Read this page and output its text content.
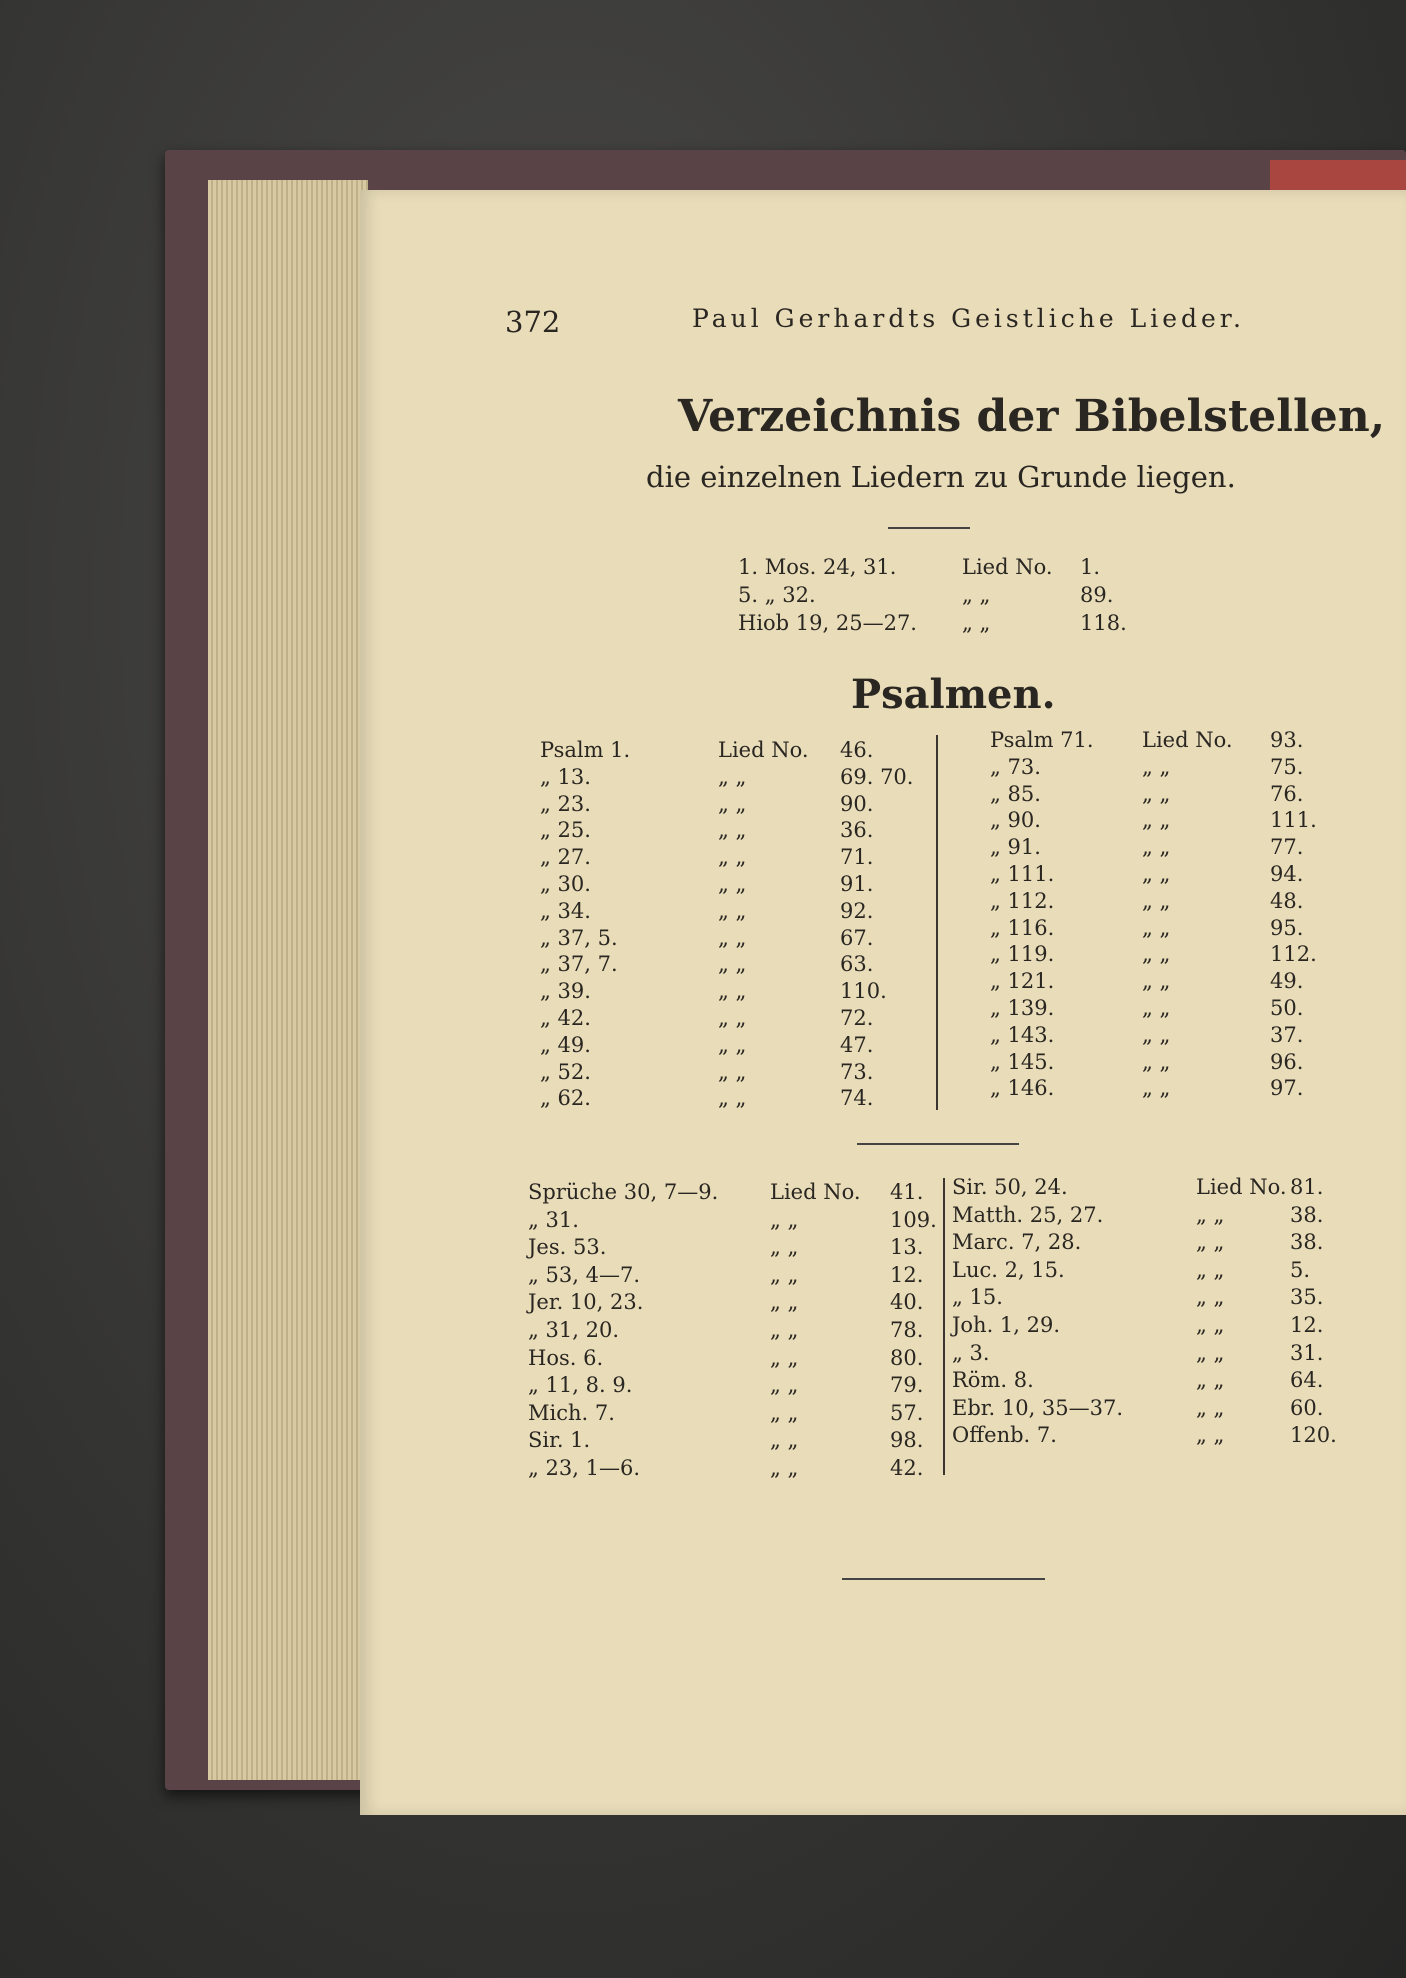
372	Paul Gerhardts Geistliche Lieder.
Verzeichnis der Bibelstellen,
die einzelnen Liedern zu Grunde liegen.
1. Mos. 24, 31.	Lied No. 1.
5. „ 32.	„ „	89.
Hiob 19, 25—27. „ „	118.
Psalmen.
Psalm 1.	Lied No. 46.
„ 13.	„ „	69. 70.
„ 23.	„ „	90.
„ 25.	„ „	36.
„ 27.	„ „	71.
„ 30.	„ „	91.
„ 34.	„ „	92.
„ 37, 5.	„ „	67.
„ 37, 7.	„ „	63.
„ 39.	„ „	110.
„ 42.	„ „	72.
„ 49.	„ „	47.
„ 52.	„ „	73.
„ 62.	„ „	74.
Psalm 71. Lied No. 93.
„ 73.	„ „	75.
„ 85.	„ „	76.
„ 90.	„ „	111.
„ 91.	„ „	77.
„ 111.	„ „	94.
„ 112.	„ „	48.
„ 116.	„ „	95.
„ 119.	„ „	112.
„ 121.	„ „	49.
„ 139.	„ „	50.
„ 143.	„ „	37.
„ 145.	„ „	96.
„ 146.	„ „	97.
Sprüche 30, 7—9. Lied No. 41.
„ 31.	„ „	109.
Jes. 53.	„ „	13.
„ 53, 4—7.	„ „	12.
Jer. 10, 23.	„ „	40.
„ 31, 20.	„ „	78.
Hos. 6.	„ „	80.
„ 11, 8. 9.	„ „	79.
Mich. 7.	„ „	57.
Sir. 1.	„ „	98.
„ 23, 1—6.	„ „	42.
Sir. 50, 24.	Lied No. 81.
Matth. 25, 27.	„ „	38.
Marc. 7, 28.	„ „	38.
Luc. 2, 15.	„ „	5.
„ 15.	„ „	35.
Joh. 1, 29.	„ „	12.
„ 3.	„ „	31.
Röm. 8.	„ „	64.
Ebr. 10, 35—37.	„ „	60.
Offenb. 7.	„ „	120.
